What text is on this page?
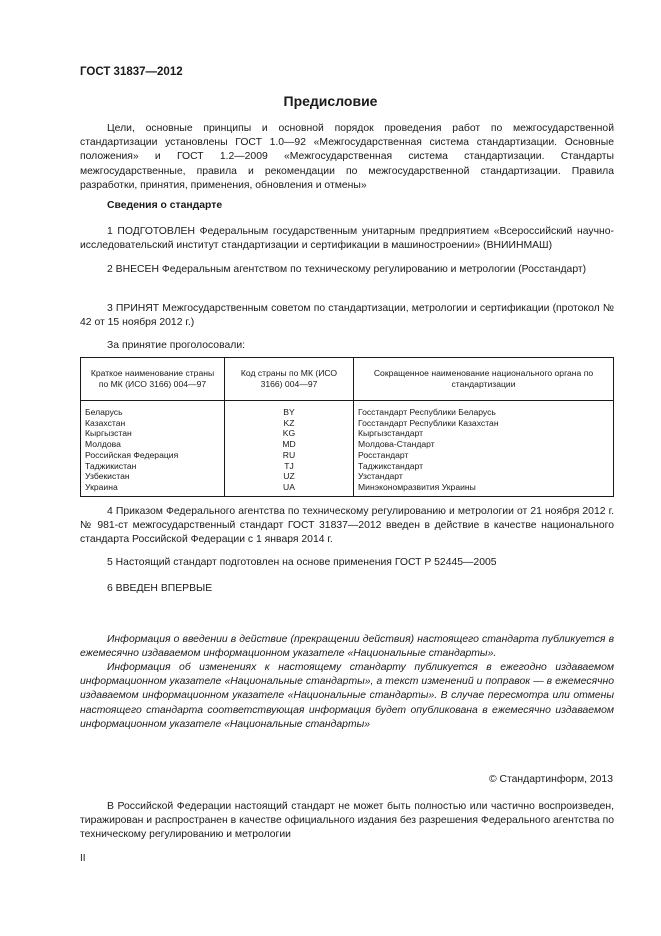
ГОСТ 31837—2012
Предисловие
Цели, основные принципы и основной порядок проведения работ по межгосударственной стандартизации установлены ГОСТ 1.0—92 «Межгосударственная система стандартизации. Основные положения» и ГОСТ 1.2—2009 «Межгосударственная система стандартизации. Стандарты межгосударственные, правила и рекомендации по межгосударственной стандартизации. Правила разработки, принятия, применения, обновления и отмены»
Сведения о стандарте
1 ПОДГОТОВЛЕН Федеральным государственным унитарным предприятием «Всероссийский научно-исследовательский институт стандартизации и сертификации в машиностроении» (ВНИИНМАШ)
2 ВНЕСЕН Федеральным агентством по техническому регулированию и метрологии (Росстандарт)
3 ПРИНЯТ Межгосударственным советом по стандартизации, метрологии и сертификации (протокол № 42 от 15 ноября 2012 г.)
За принятие проголосовали:
Краткое наименование страны по МК (ИСО 3166) 004—97	Код страны по МК (ИСО 3166) 004—97	Сокращенное наименование национального органа по стандартизации
Беларусь	BY	Госстандарт Республики Беларусь
Казахстан	KZ	Госстандарт Республики Казахстан
Кыргызстан	KG	Кыргызстандарт
Молдова	MD	Молдова-Стандарт
Российская Федерация	RU	Росстандарт
Таджикистан	TJ	Таджикстандарт
Узбекистан	UZ	Узстандарт
Украина	UA	Минэкономразвития Украины
4 Приказом Федерального агентства по техническому регулированию и метрологии от 21 ноября 2012 г. № 981-ст межгосударственный стандарт ГОСТ 31837—2012 введен в действие в качестве национального стандарта Российской Федерации с 1 января 2014 г.
5 Настоящий стандарт подготовлен на основе применения ГОСТ Р 52445—2005
6 ВВЕДЕН ВПЕРВЫЕ
Информация о введении в действие (прекращении действия) настоящего стандарта публикуется в ежемесячно издаваемом информационном указателе «Национальные стандарты».
Информация об изменениях к настоящему стандарту публикуется в ежегодно издаваемом информационном указателе «Национальные стандарты», а текст изменений и поправок — в ежемесячно издаваемом информационном указателе «Национальные стандарты». В случае пересмотра или отмены настоящего стандарта соответствующая информация будет опубликована в ежемесячно издаваемом информационном указателе «Национальные стандарты»
© Стандартинформ, 2013
В Российской Федерации настоящий стандарт не может быть полностью или частично воспроизведен, тиражирован и распространен в качестве официального издания без разрешения Федерального агентства по техническому регулированию и метрологии
II
